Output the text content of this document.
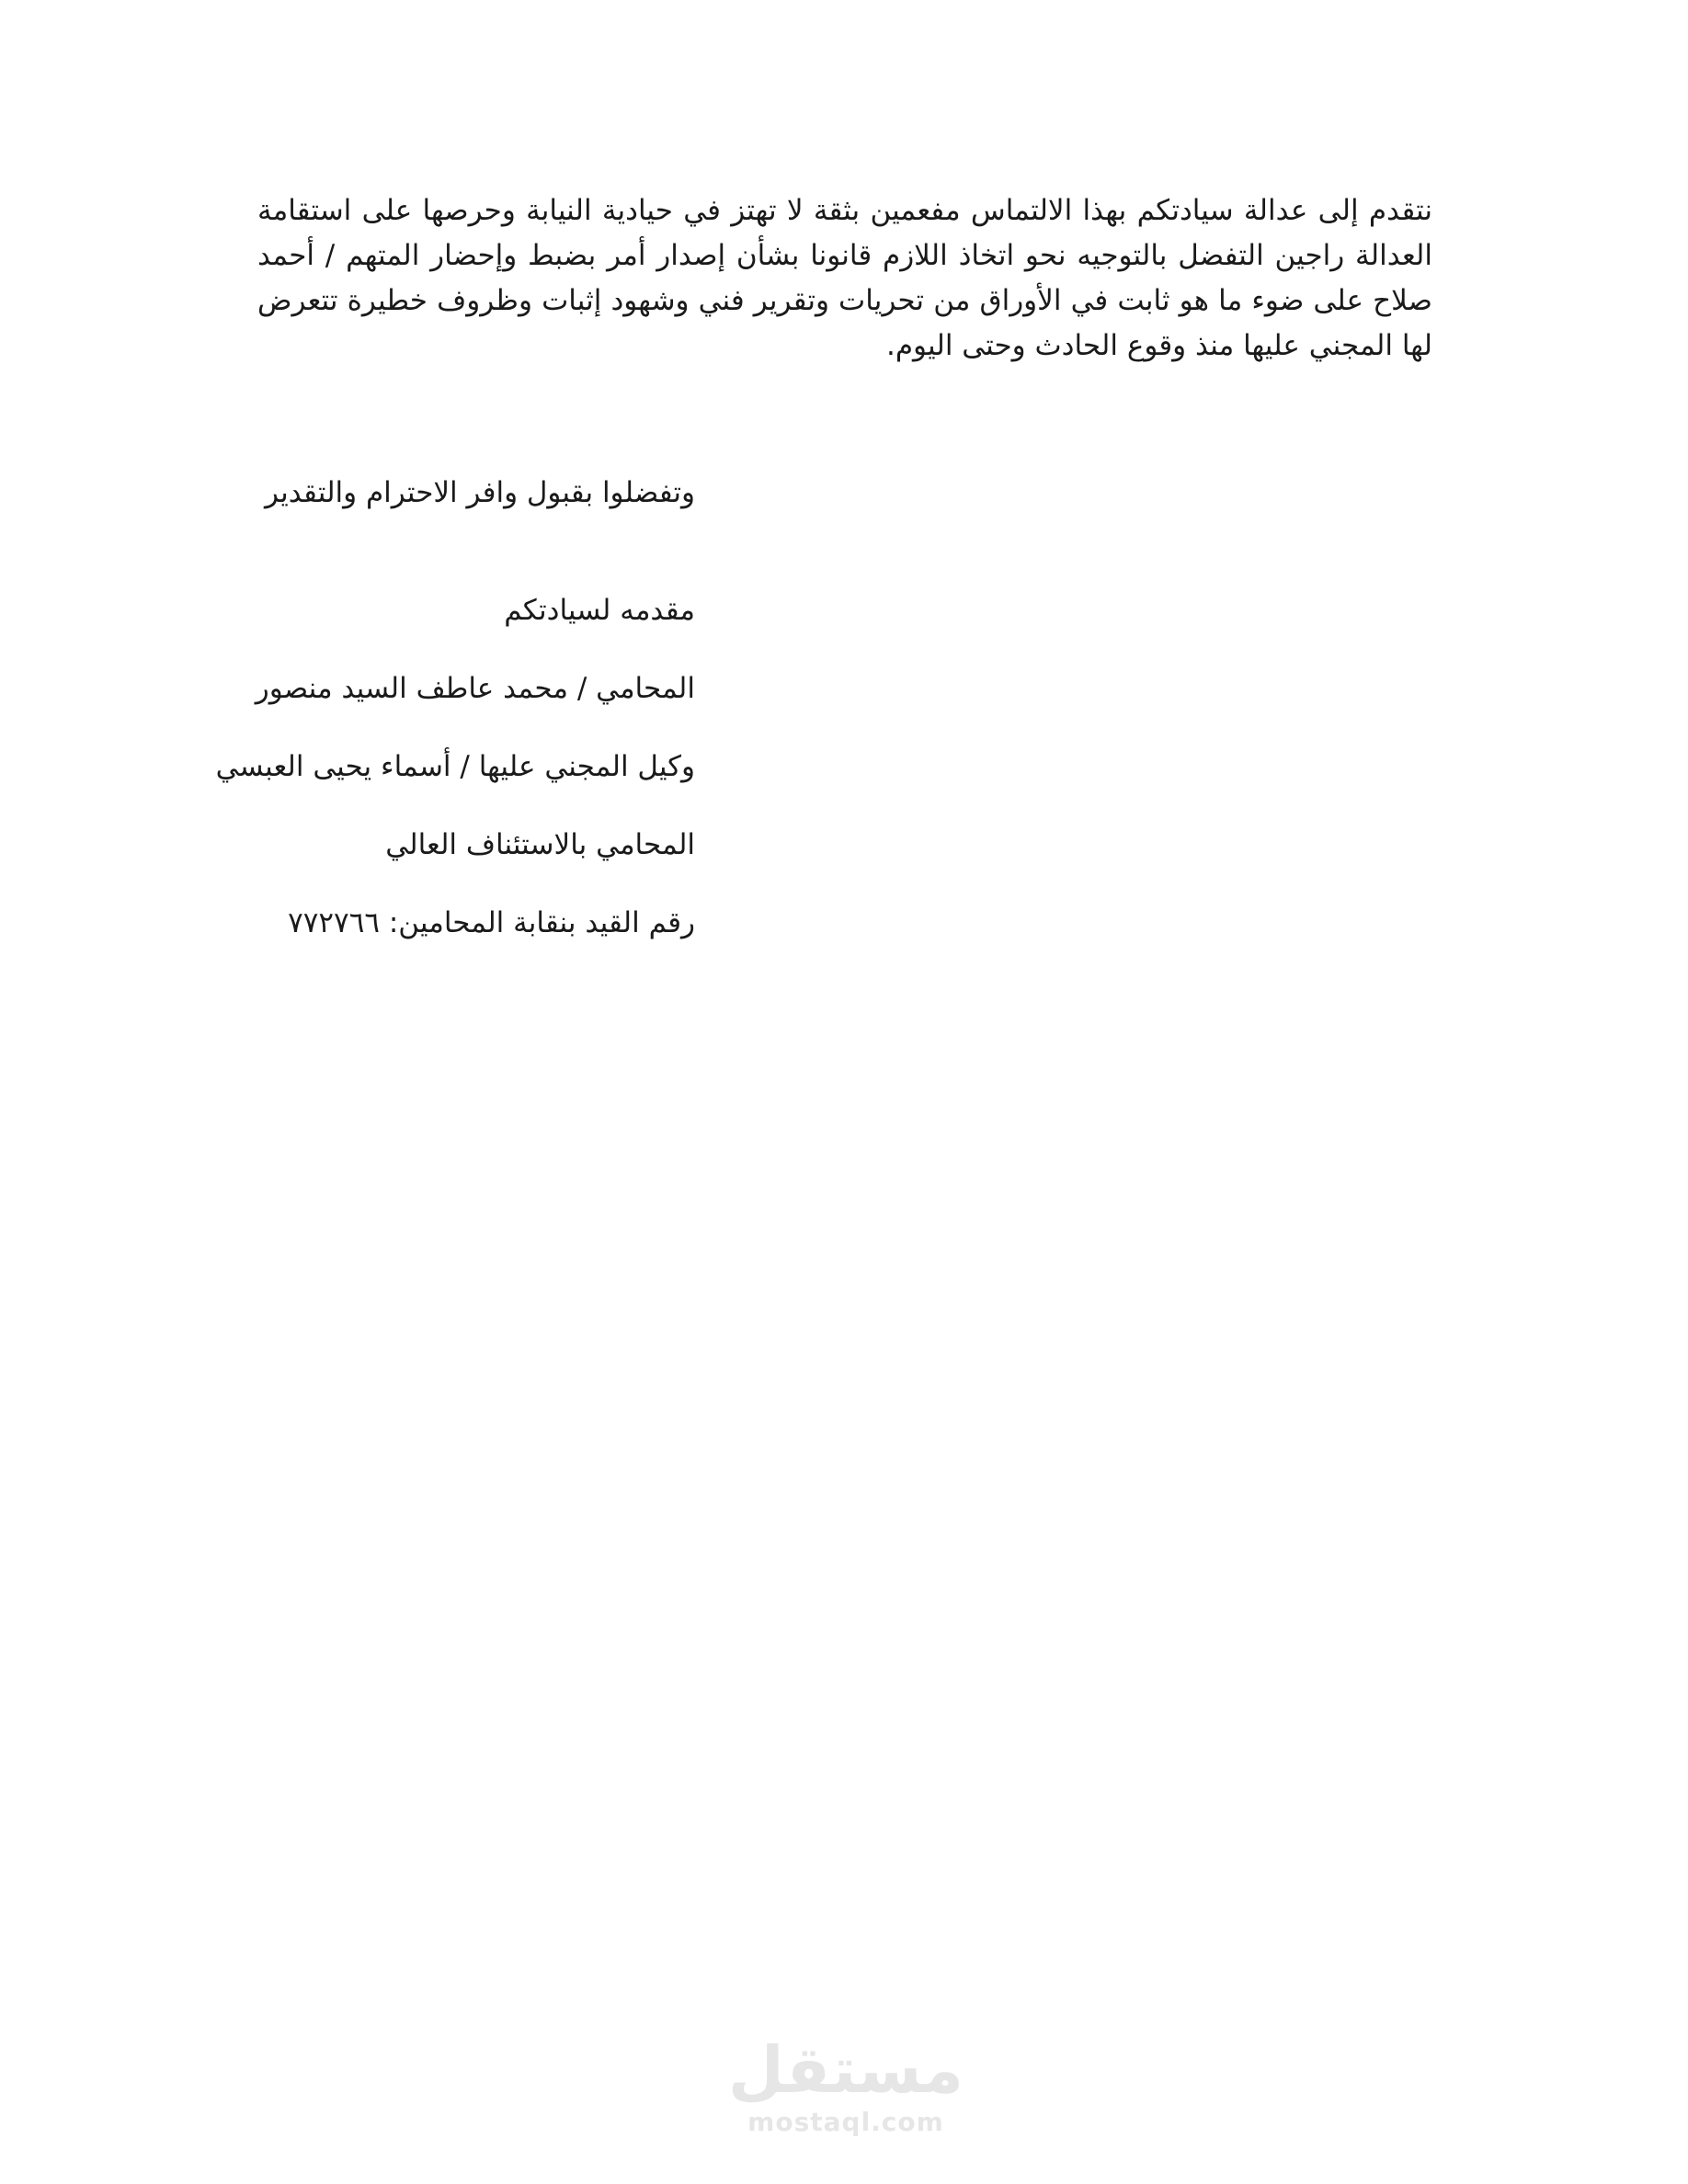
نتقدم إلى عدالة سيادتكم بهذا الالتماس مفعمين بثقة لا تهتز في حيادية النيابة وحرصها على استقامة العدالة راجين التفضل بالتوجيه نحو اتخاذ اللازم قانونا بشأن إصدار أمر بضبط وإحضار المتهم / أحمد صلاح على ضوء ما هو ثابت في الأوراق من تحريات وتقرير فني وشهود إثبات وظروف خطيرة تتعرض لها المجني عليها منذ وقوع الحادث وحتى اليوم.

وتفضلوا بقبول وافر الاحترام والتقدير

مقدمه لسيادتكم

المحامي / محمد عاطف السيد منصور

وكيل المجني عليها / أسماء يحيى العبسي

المحامي بالاستئناف العالي

رقم القيد بنقابة المحامين: ٧٧٢٧٦٦

مستقل
mostaql.com
